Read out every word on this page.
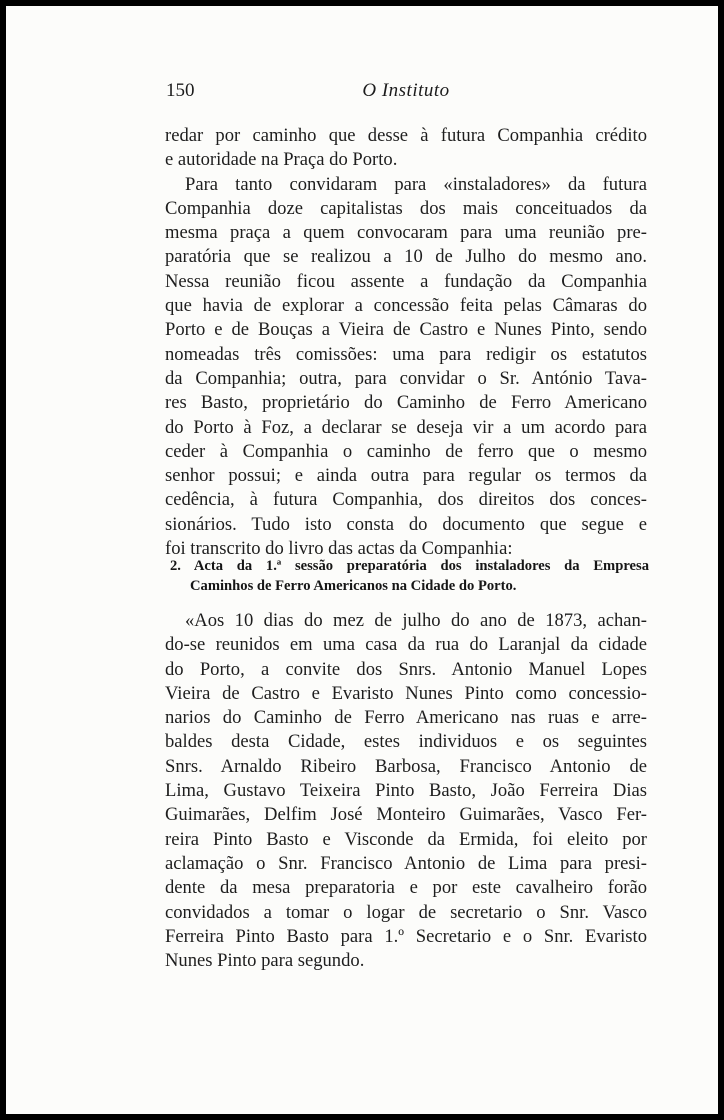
150	O Instituto
redar por caminho que desse à futura Companhia crédito
e autoridade na Praça do Porto.
Para tanto convidaram para «instaladores» da futura
Companhia doze capitalistas dos mais conceituados da
mesma praça a quem convocaram para uma reunião pre-
paratória que se realizou a 10 de Julho do mesmo ano.
Nessa reunião ficou assente a fundação da Companhia
que havia de explorar a concessão feita pelas Câmaras do
Porto e de Bouças a Vieira de Castro e Nunes Pinto, sendo
nomeadas três comissões: uma para redigir os estatutos
da Companhia; outra, para convidar o Sr. António Tava-
res Basto, proprietário do Caminho de Ferro Americano
do Porto à Foz, a declarar se deseja vir a um acordo para
ceder à Companhia o caminho de ferro que o mesmo
senhor possui; e ainda outra para regular os termos da
cedência, à futura Companhia, dos direitos dos conces-
sionários. Tudo isto consta do documento que segue e
foi transcrito do livro das actas da Companhia:
2. Acta da 1.ª sessão preparatória dos instaladores da Empresa
Caminhos de Ferro Americanos na Cidade do Porto.
«Aos 10 dias do mez de julho do ano de 1873, achan-
do-se reunidos em uma casa da rua do Laranjal da cidade
do Porto, a convite dos Snrs. Antonio Manuel Lopes
Vieira de Castro e Evaristo Nunes Pinto como concessio-
narios do Caminho de Ferro Americano nas ruas e arre-
baldes desta Cidade, estes individuos e os seguintes
Snrs. Arnaldo Ribeiro Barbosa, Francisco Antonio de
Lima, Gustavo Teixeira Pinto Basto, João Ferreira Dias
Guimarães, Delfim José Monteiro Guimarães, Vasco Fer-
reira Pinto Basto e Visconde da Ermida, foi eleito por
aclamação o Snr. Francisco Antonio de Lima para presi-
dente da mesa preparatoria e por este cavalheiro forão
convidados a tomar o logar de secretario o Snr. Vasco
Ferreira Pinto Basto para 1.º Secretario e o Snr. Evaristo
Nunes Pinto para segundo.
